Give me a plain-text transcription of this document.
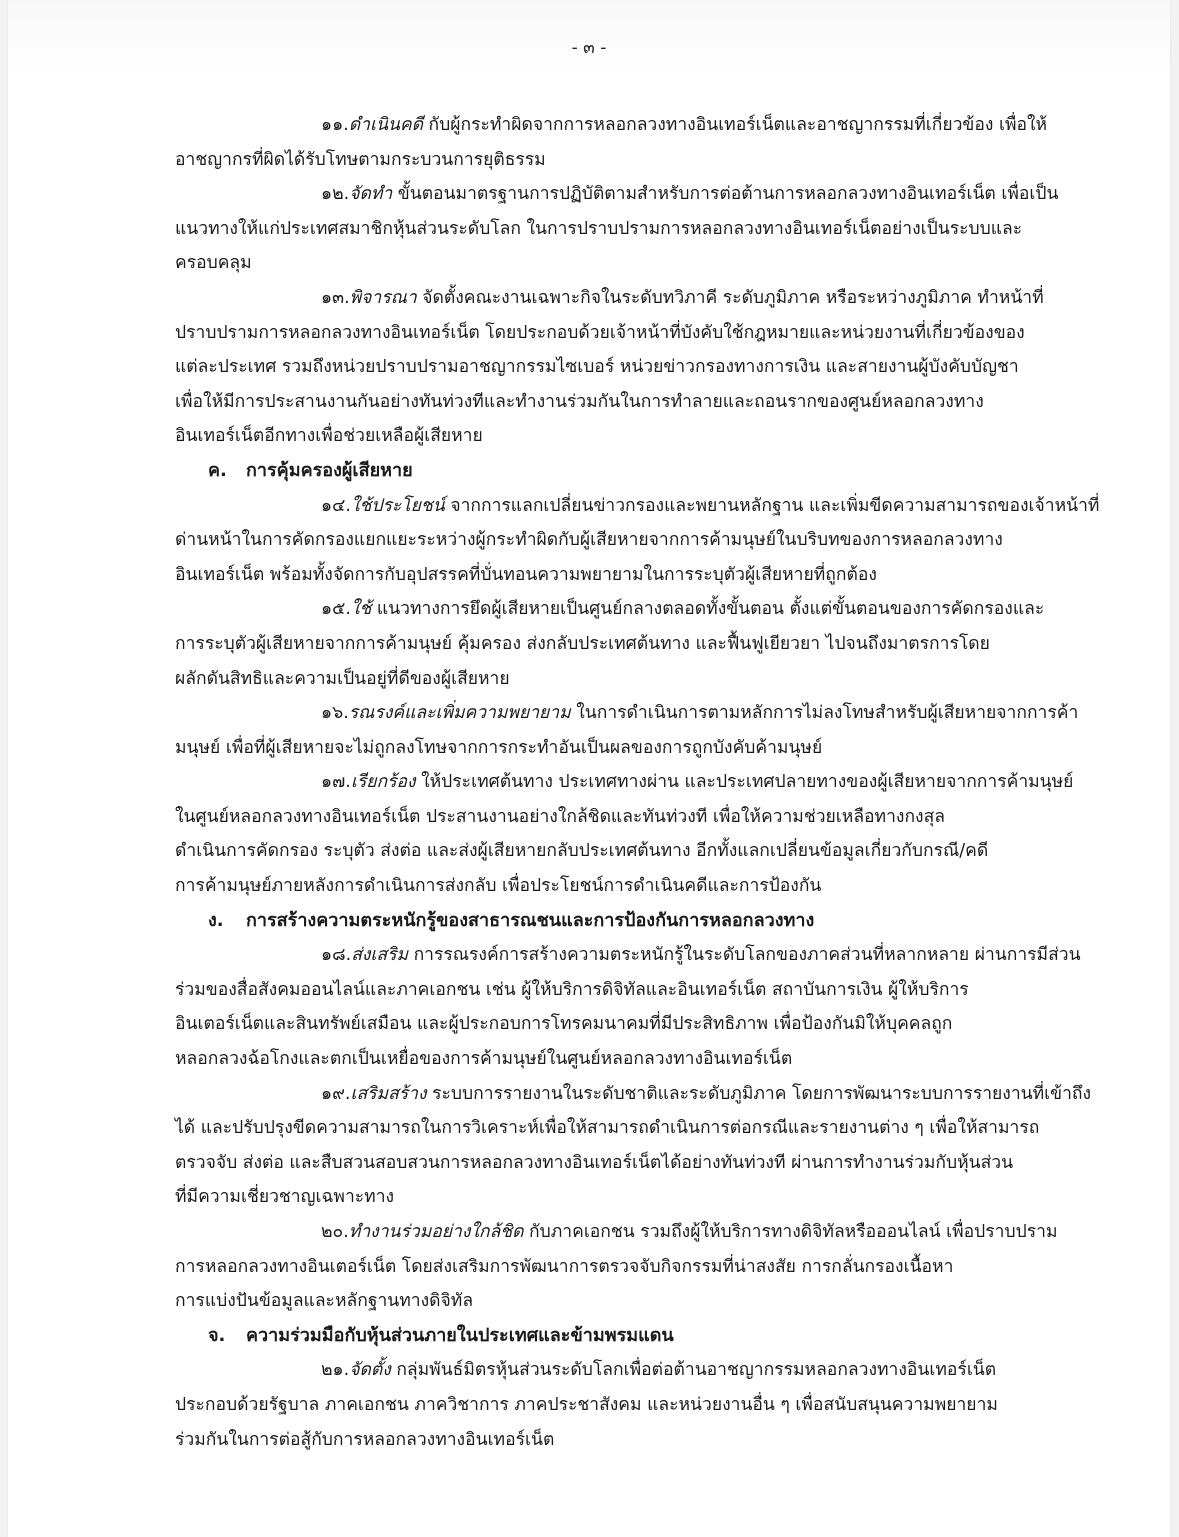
- ๓ -

๑๑.ดำเนินคดี กับผู้กระทำผิดจากการหลอกลวงทางอินเทอร์เน็ตและอาชญากรรมที่เกี่ยวข้อง เพื่อให้
อาชญากรที่ผิดได้รับโทษตามกระบวนการยุติธรรม

๑๒.จัดทำ ขั้นตอนมาตรฐานการปฏิบัติตามสำหรับการต่อต้านการหลอกลวงทางอินเทอร์เน็ต เพื่อเป็น
แนวทางให้แก่ประเทศสมาชิกหุ้นส่วนระดับโลก ในการปราบปรามการหลอกลวงทางอินเทอร์เน็ตอย่างเป็นระบบและ
ครอบคลุม

๑๓.พิจารณา จัดตั้งคณะงานเฉพาะกิจในระดับทวิภาคี ระดับภูมิภาค หรือระหว่างภูมิภาค ทำหน้าที่
ปราบปรามการหลอกลวงทางอินเทอร์เน็ต โดยประกอบด้วยเจ้าหน้าที่บังคับใช้กฎหมายและหน่วยงานที่เกี่ยวข้องของ
แต่ละประเทศ รวมถึงหน่วยปราบปรามอาชญากรรมไซเบอร์ หน่วยข่าวกรองทางการเงิน และสายงานผู้บังคับบัญชา
เพื่อให้มีการประสานงานกันอย่างทันท่วงทีและทำงานร่วมกันในการทำลายและถอนรากของศูนย์หลอกลวงทาง
อินเทอร์เน็ตอีกทางเพื่อช่วยเหลือผู้เสียหาย

ค. การคุ้มครองผู้เสียหาย

๑๔.ใช้ประโยชน์ จากการแลกเปลี่ยนข่าวกรองและพยานหลักฐาน และเพิ่มขีดความสามารถของเจ้าหน้าที่
ด่านหน้าในการคัดกรองแยกแยะระหว่างผู้กระทำผิดกับผู้เสียหายจากการค้ามนุษย์ในบริบทของการหลอกลวงทาง
อินเทอร์เน็ต พร้อมทั้งจัดการกับอุปสรรคที่บั่นทอนความพยายามในการระบุตัวผู้เสียหายที่ถูกต้อง

๑๕.ใช้ แนวทางการยึดผู้เสียหายเป็นศูนย์กลางตลอดทั้งขั้นตอน ตั้งแต่ขั้นตอนของการคัดกรองและ
การระบุตัวผู้เสียหายจากการค้ามนุษย์ คุ้มครอง ส่งกลับประเทศต้นทาง และฟื้นฟูเยียวยา ไปจนถึงมาตรการโดย
ผลักดันสิทธิและความเป็นอยู่ที่ดีของผู้เสียหาย

๑๖.รณรงค์และเพิ่มความพยายาม ในการดำเนินการตามหลักการไม่ลงโทษสำหรับผู้เสียหายจากการค้า
มนุษย์ เพื่อที่ผู้เสียหายจะไม่ถูกลงโทษจากการกระทำอันเป็นผลของการถูกบังคับค้ามนุษย์

๑๗.เรียกร้อง ให้ประเทศต้นทาง ประเทศทางผ่าน และประเทศปลายทางของผู้เสียหายจากการค้ามนุษย์
ในศูนย์หลอกลวงทางอินเทอร์เน็ต ประสานงานอย่างใกล้ชิดและทันท่วงที เพื่อให้ความช่วยเหลือทางกงสุล
ดำเนินการคัดกรอง ระบุตัว ส่งต่อ และส่งผู้เสียหายกลับประเทศต้นทาง อีกทั้งแลกเปลี่ยนข้อมูลเกี่ยวกับกรณี/คดี
การค้ามนุษย์ภายหลังการดำเนินการส่งกลับ เพื่อประโยชน์การดำเนินคดีและการป้องกัน

ง. การสร้างความตระหนักรู้ของสาธารณชนและการป้องกันการหลอกลวงทาง

๑๘.ส่งเสริม การรณรงค์การสร้างความตระหนักรู้ในระดับโลกของภาคส่วนที่หลากหลาย ผ่านการมีส่วน
ร่วมของสื่อสังคมออนไลน์และภาคเอกชน เช่น ผู้ให้บริการดิจิทัลและอินเทอร์เน็ต สถาบันการเงิน ผู้ให้บริการ
อินเตอร์เน็ตและสินทรัพย์เสมือน และผู้ประกอบการโทรคมนาคมที่มีประสิทธิภาพ เพื่อป้องกันมิให้บุคคลถูก
หลอกลวงฉ้อโกงและตกเป็นเหยื่อของการค้ามนุษย์ในศูนย์หลอกลวงทางอินเทอร์เน็ต

๑๙.เสริมสร้าง ระบบการรายงานในระดับชาติและระดับภูมิภาค โดยการพัฒนาระบบการรายงานที่เข้าถึง
ได้ และปรับปรุงขีดความสามารถในการวิเคราะห์เพื่อให้สามารถดำเนินการต่อกรณีและรายงานต่าง ๆ เพื่อให้สามารถ
ตรวจจับ ส่งต่อ และสืบสวนสอบสวนการหลอกลวงทางอินเทอร์เน็ตได้อย่างทันท่วงที ผ่านการทำงานร่วมกับหุ้นส่วน
ที่มีความเชี่ยวชาญเฉพาะทาง

๒๐.ทำงานร่วมอย่างใกล้ชิด กับภาคเอกชน รวมถึงผู้ให้บริการทางดิจิทัลหรือออนไลน์ เพื่อปราบปราม
การหลอกลวงทางอินเตอร์เน็ต โดยส่งเสริมการพัฒนาการตรวจจับกิจกรรมที่น่าสงสัย การกลั่นกรองเนื้อหา
การแบ่งปันข้อมูลและหลักฐานทางดิจิทัล

จ. ความร่วมมือกับหุ้นส่วนภายในประเทศและข้ามพรมแดน

๒๑.จัดตั้ง กลุ่มพันธ์มิตรหุ้นส่วนระดับโลกเพื่อต่อต้านอาชญากรรมหลอกลวงทางอินเทอร์เน็ต
ประกอบด้วยรัฐบาล ภาคเอกชน ภาควิชาการ ภาคประชาสังคม และหน่วยงานอื่น ๆ เพื่อสนับสนุนความพยายาม
ร่วมกันในการต่อสู้กับการหลอกลวงทางอินเทอร์เน็ต
